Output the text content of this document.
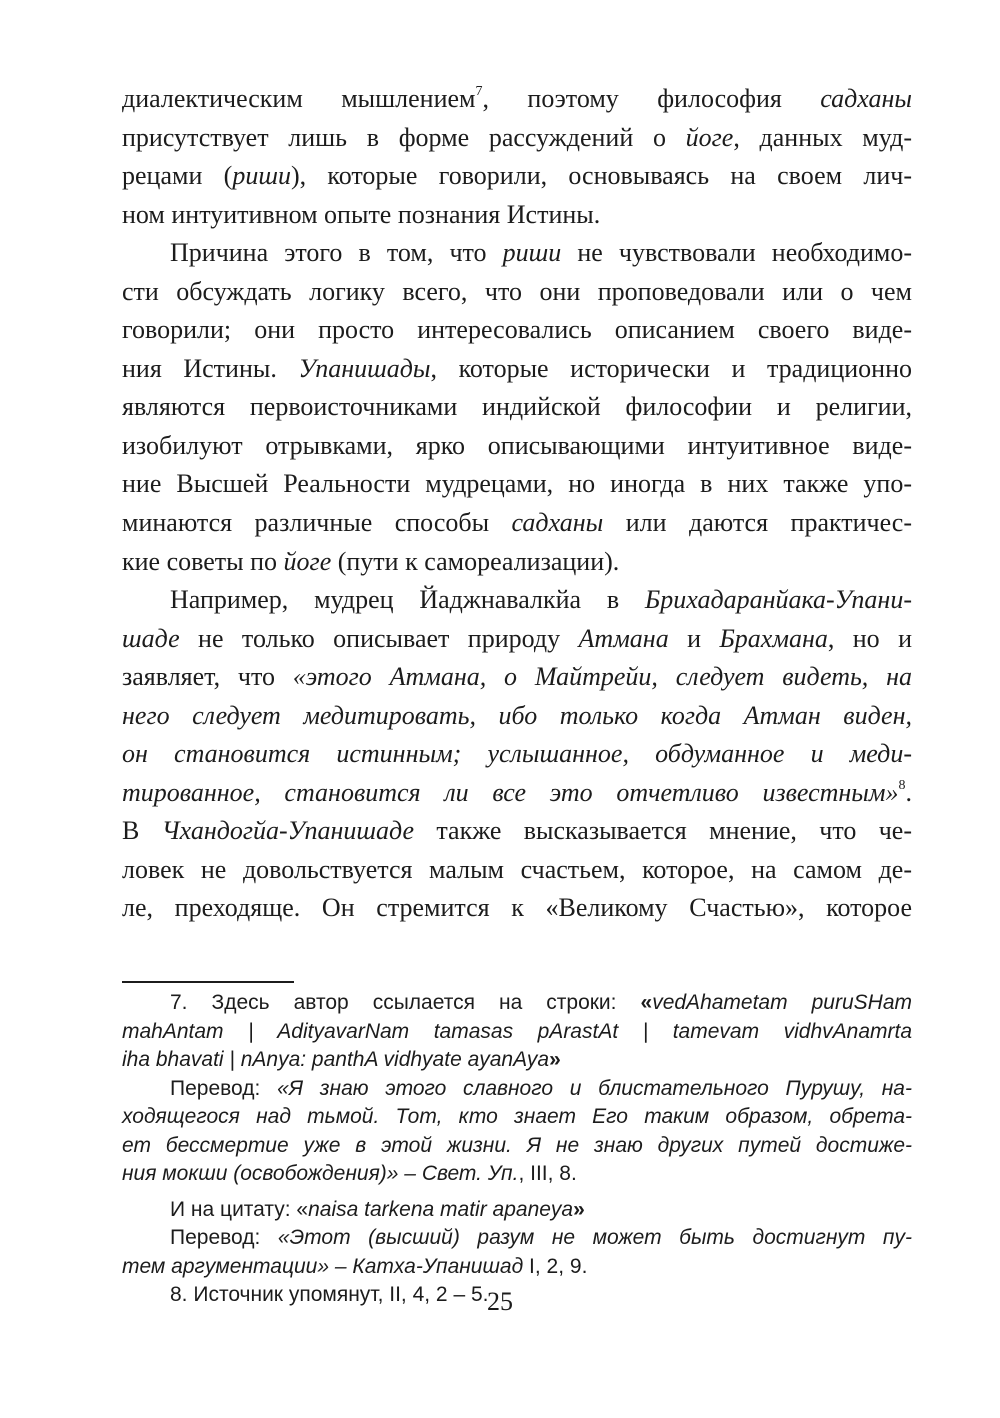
диалектическим мышлением$^7$, поэтому философия садханы
присутствует лишь в форме рассуждений о йоге, данных муд-
рецами (риши), которые говорили, основываясь на своем лич-
ном интуитивном опыте познания Истины.
Причина этого в том, что риши не чувствовали необходимо-
сти обсуждать логику всего, что они проповедовали или о чем
говорили; они просто интересовались описанием своего виде-
ния Истины. Упанишады, которые исторически и традиционно
являются первоисточниками индийской философии и религии,
изобилуют отрывками, ярко описывающими интуитивное виде-
ние Высшей Реальности мудрецами, но иногда в них также упо-
минаются различные способы садханы или даются практичес-
кие советы по йоге (пути к самореализации).
Например, мудрец Йаджнавалкйа в Брихадаранйака-Упани-
шаде не только описывает природу Атмана и Брахмана, но и
заявляет, что «этого Атмана, о Майтрейи, следует видеть, на
него следует медитировать, ибо только когда Атман виден,
он становится истинным; услышанное, обдуманное и меди-
тированное, становится ли все это отчетливо известным»$^8$.
В Чхандогйа-Упанишаде также высказывается мнение, что че-
ловек не довольствуется малым счастьем, которое, на самом де-
ле, преходяще. Он стремится к «Великому Счастью», которое
7. Здесь автор ссылается на строки: «vedAhametam puruSHam
mahAntam | AdityavarNam tamasas pArastAt | tamevam vidhvAnamrta
iha bhavati | nAnya: panthA vidhyate ayanAya»
Перевод: «Я знаю этого славного и блистательного Пурушу, на-
ходящегося над тьмой. Тот, кто знает Его таким образом, обрета-
ет бессмертие уже в этой жизни. Я не знаю других путей достиже-
ния мокши (освобождения)» – Свет. Уп., III, 8.
И на цитату: «naisa tarkena matir apaneya»
Перевод: «Этот (высший) разум не может быть достигнут пу-
тем аргументации» – Катха-Упанишад I, 2, 9.
8. Источник упомянут, II, 4, 2 – 5.
25
